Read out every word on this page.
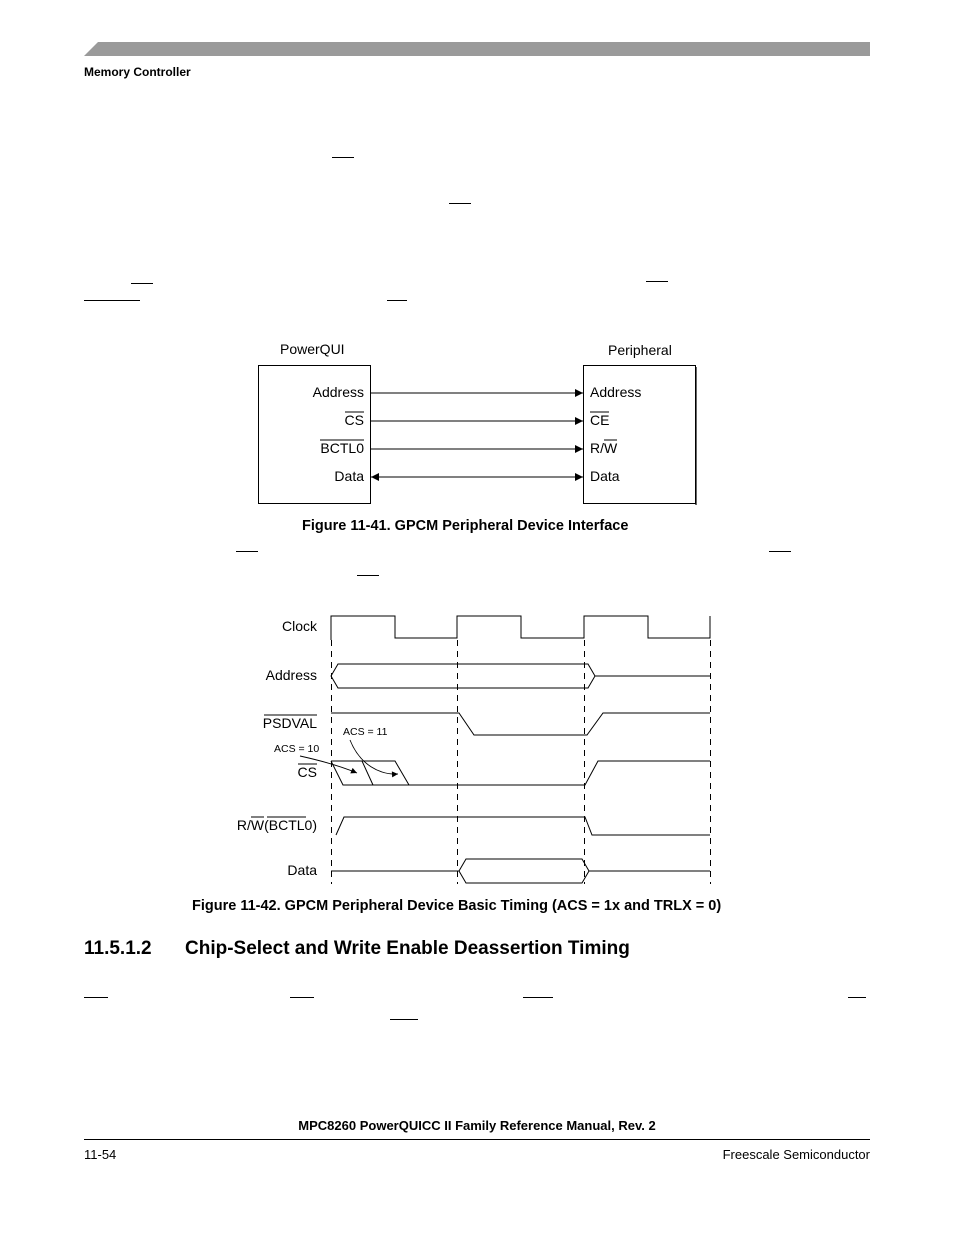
Memory Controller
PowerQUI	Peripheral
Address
CS
BCTL0
Data
Address
CE
R/W
Data
Figure 11-41. GPCM Peripheral Device Interface
Clock
Address
PSDVAL
CS
R/W(BCTL0)
Data
ACS = 11
ACS = 10
Figure 11-42. GPCM Peripheral Device Basic Timing (ACS = 1x and TRLX = 0)
11.5.1.2 Chip-Select and Write Enable Deassertion Timing
MPC8260 PowerQUICC II Family Reference Manual, Rev. 2
11-54	Freescale Semiconductor
